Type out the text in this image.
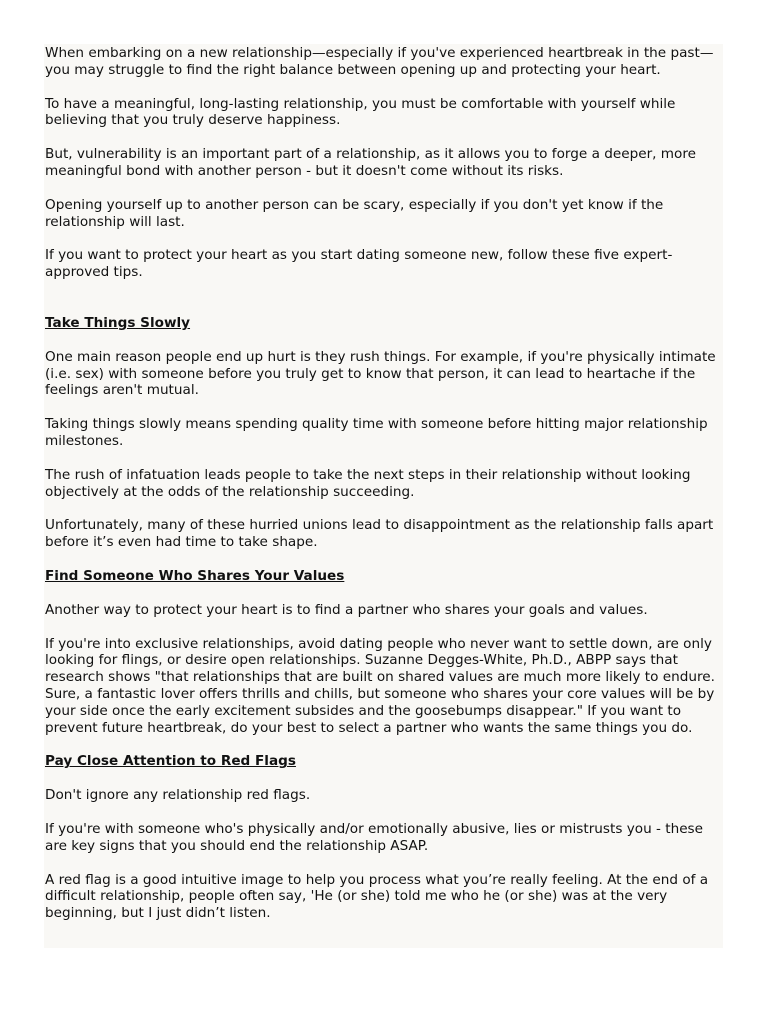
When embarking on a new relationship—especially if you've experienced heartbreak in the past—you may struggle to find the right balance between opening up and protecting your heart.

To have a meaningful, long-lasting relationship, you must be comfortable with yourself while believing that you truly deserve happiness.

But, vulnerability is an important part of a relationship, as it allows you to forge a deeper, more meaningful bond with another person - but it doesn't come without its risks.

Opening yourself up to another person can be scary, especially if you don't yet know if the relationship will last.

If you want to protect your heart as you start dating someone new, follow these five expert-approved tips.

Take Things Slowly

One main reason people end up hurt is they rush things. For example, if you're physically intimate (i.e. sex) with someone before you truly get to know that person, it can lead to heartache if the feelings aren't mutual.

Taking things slowly means spending quality time with someone before hitting major relationship milestones.

The rush of infatuation leads people to take the next steps in their relationship without looking objectively at the odds of the relationship succeeding.

Unfortunately, many of these hurried unions lead to disappointment as the relationship falls apart before it’s even had time to take shape.

Find Someone Who Shares Your Values

Another way to protect your heart is to find a partner who shares your goals and values.

If you're into exclusive relationships, avoid dating people who never want to settle down, are only looking for flings, or desire open relationships. Suzanne Degges-White, Ph.D., ABPP says that research shows "that relationships that are built on shared values are much more likely to endure. Sure, a fantastic lover offers thrills and chills, but someone who shares your core values will be by your side once the early excitement subsides and the goosebumps disappear." If you want to prevent future heartbreak, do your best to select a partner who wants the same things you do.

Pay Close Attention to Red Flags

Don't ignore any relationship red flags.

If you're with someone who's physically and/or emotionally abusive, lies or mistrusts you - these are key signs that you should end the relationship ASAP.

A red flag is a good intuitive image to help you process what you’re really feeling. At the end of a difficult relationship, people often say, 'He (or she) told me who he (or she) was at the very beginning, but I just didn’t listen.
